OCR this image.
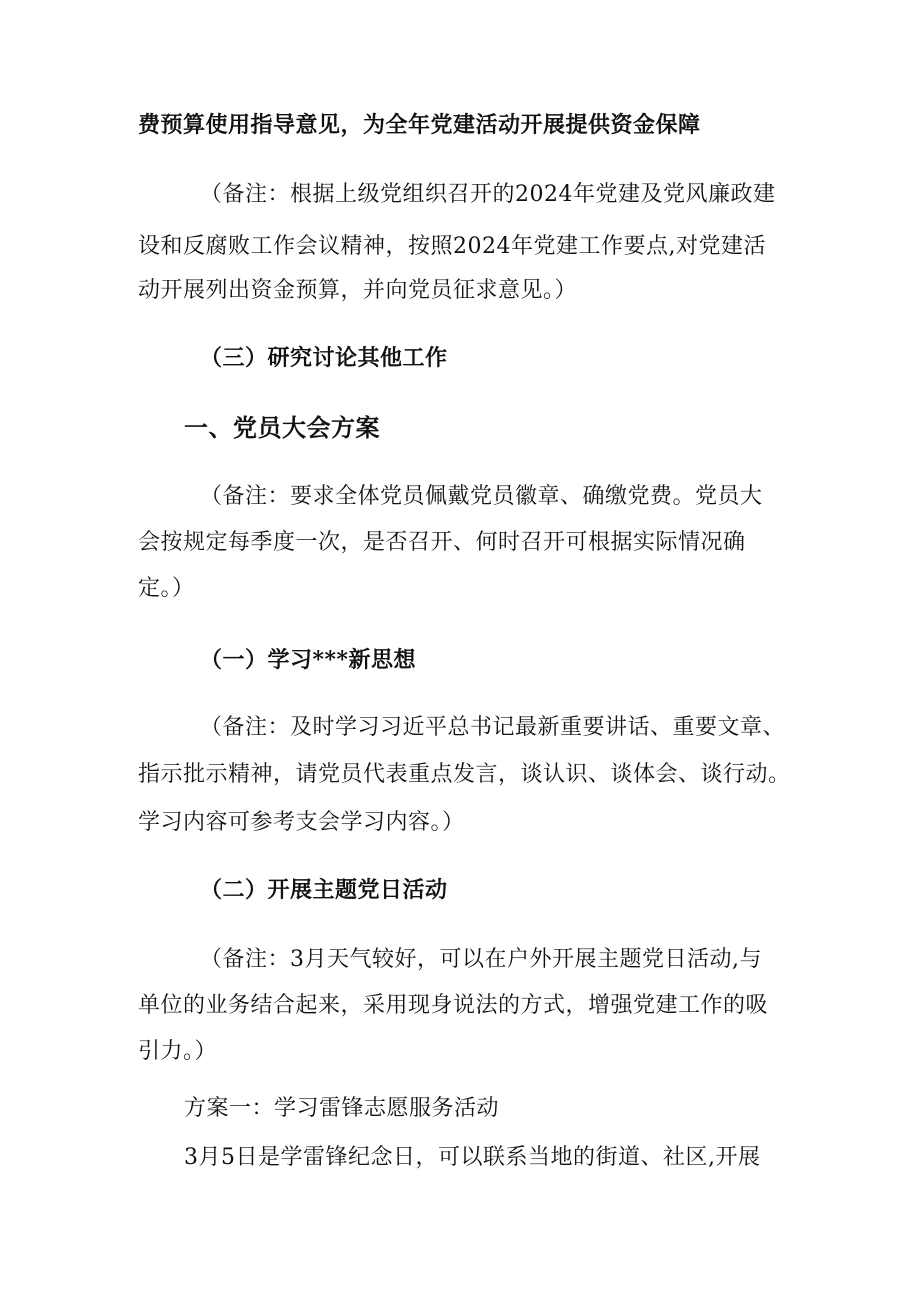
费预算使用指导意见，为全年党建活动开展提供资金保障
（备注：根据上级党组织召开的2024年党建及党风廉政建
设和反腐败工作会议精神，按照2024年党建工作要点,对党建活
动开展列出资金预算，并向党员征求意见。）
（三）研究讨论其他工作
一、党员大会方案
（备注：要求全体党员佩戴党员徽章、确缴党费。党员大
会按规定每季度一次，是否召开、何时召开可根据实际情况确
定。）
（一）学习***新思想
（备注：及时学习习近平总书记最新重要讲话、重要文章、
指示批示精神，请党员代表重点发言，谈认识、谈体会、谈行动。
学习内容可参考支会学习内容。）
（二）开展主题党日活动
（备注：3月天气较好，可以在户外开展主题党日活动,与
单位的业务结合起来，采用现身说法的方式，增强党建工作的吸
引力。）
方案一：学习雷锋志愿服务活动
3月5日是学雷锋纪念日，可以联系当地的街道、社区,开展
